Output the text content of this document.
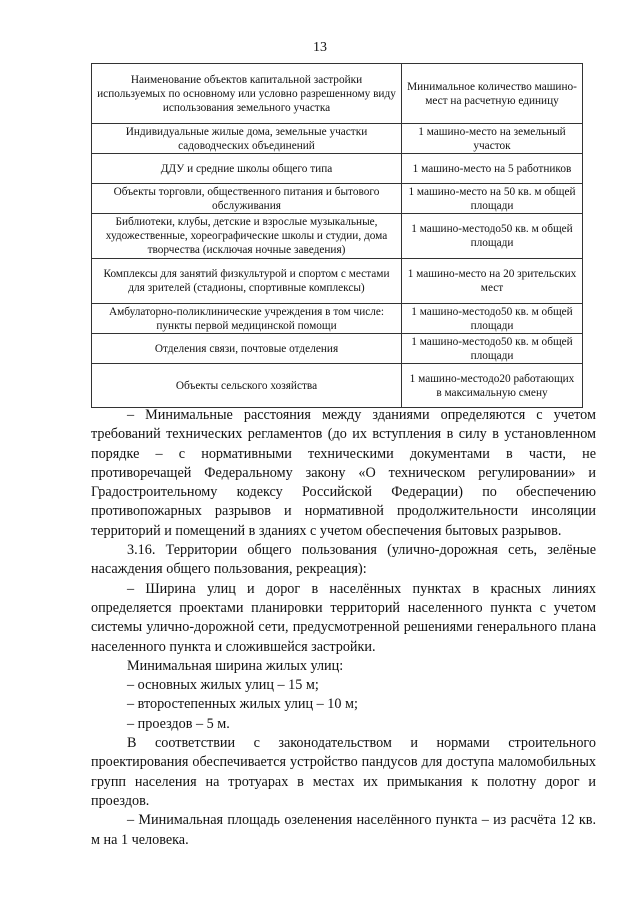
13
Наименование объектов капитальной застройки используемых по основному или условно разрешенному виду использования земельного участка	Минимальное количество машино-мест на расчетную единицу
Индивидуальные жилые дома, земельные участки садоводческих объединений	1 машино-место на земельный участок
ДДУ и средние школы общего типа	1 машино-место на 5 работников
Объекты торговли, общественного питания и бытового обслуживания	1 машино-место на 50 кв. м общей площади
Библиотеки, клубы, детские и взрослые музыкальные, художественные, хореографические школы и студии, дома творчества (исключая ночные заведения)	1 машино-местодо50 кв. м общей площади
Комплексы для занятий физкультурой и спортом с местами для зрителей (стадионы, спортивные комплексы)	1 машино-место на 20 зрительских мест
Амбулаторно-поликлинические учреждения в том числе: пункты первой медицинской помощи	1 машино-местодо50 кв. м общей площади
Отделения связи, почтовые отделения	1 машино-местодо50 кв. м общей площади
Объекты сельского хозяйства	1 машино-местодо20 работающих в максимальную смену

– Минимальные расстояния между зданиями определяются с учетом требований технических регламентов (до их вступления в силу в установленном порядке – с нормативными техническими документами в части, не противоречащей Федеральному закону «О техническом регулировании» и Градостроительному кодексу Российской Федерации) по обеспечению противопожарных разрывов и нормативной продолжительности инсоляции территорий и помещений в зданиях с учетом обеспечения бытовых разрывов.

3.16. Территории общего пользования (улично-дорожная сеть, зелёные насаждения общего пользования, рекреация):

– Ширина улиц и дорог в населённых пунктах в красных линиях определяется проектами планировки территорий населенного пункта с учетом системы улично-дорожной сети, предусмотренной решениями генерального плана населенного пункта и сложившейся застройки.

Минимальная ширина жилых улиц:

– основных жилых улиц – 15 м;

– второстепенных жилых улиц – 10 м;

– проездов – 5 м.

В соответствии с законодательством и нормами строительного проектирования обеспечивается устройство пандусов для доступа маломобильных групп населения на тротуарах в местах их примыкания к полотну дорог и проездов.

– Минимальная площадь озеленения населённого пункта – из расчёта 12 кв. м на 1 человека.
